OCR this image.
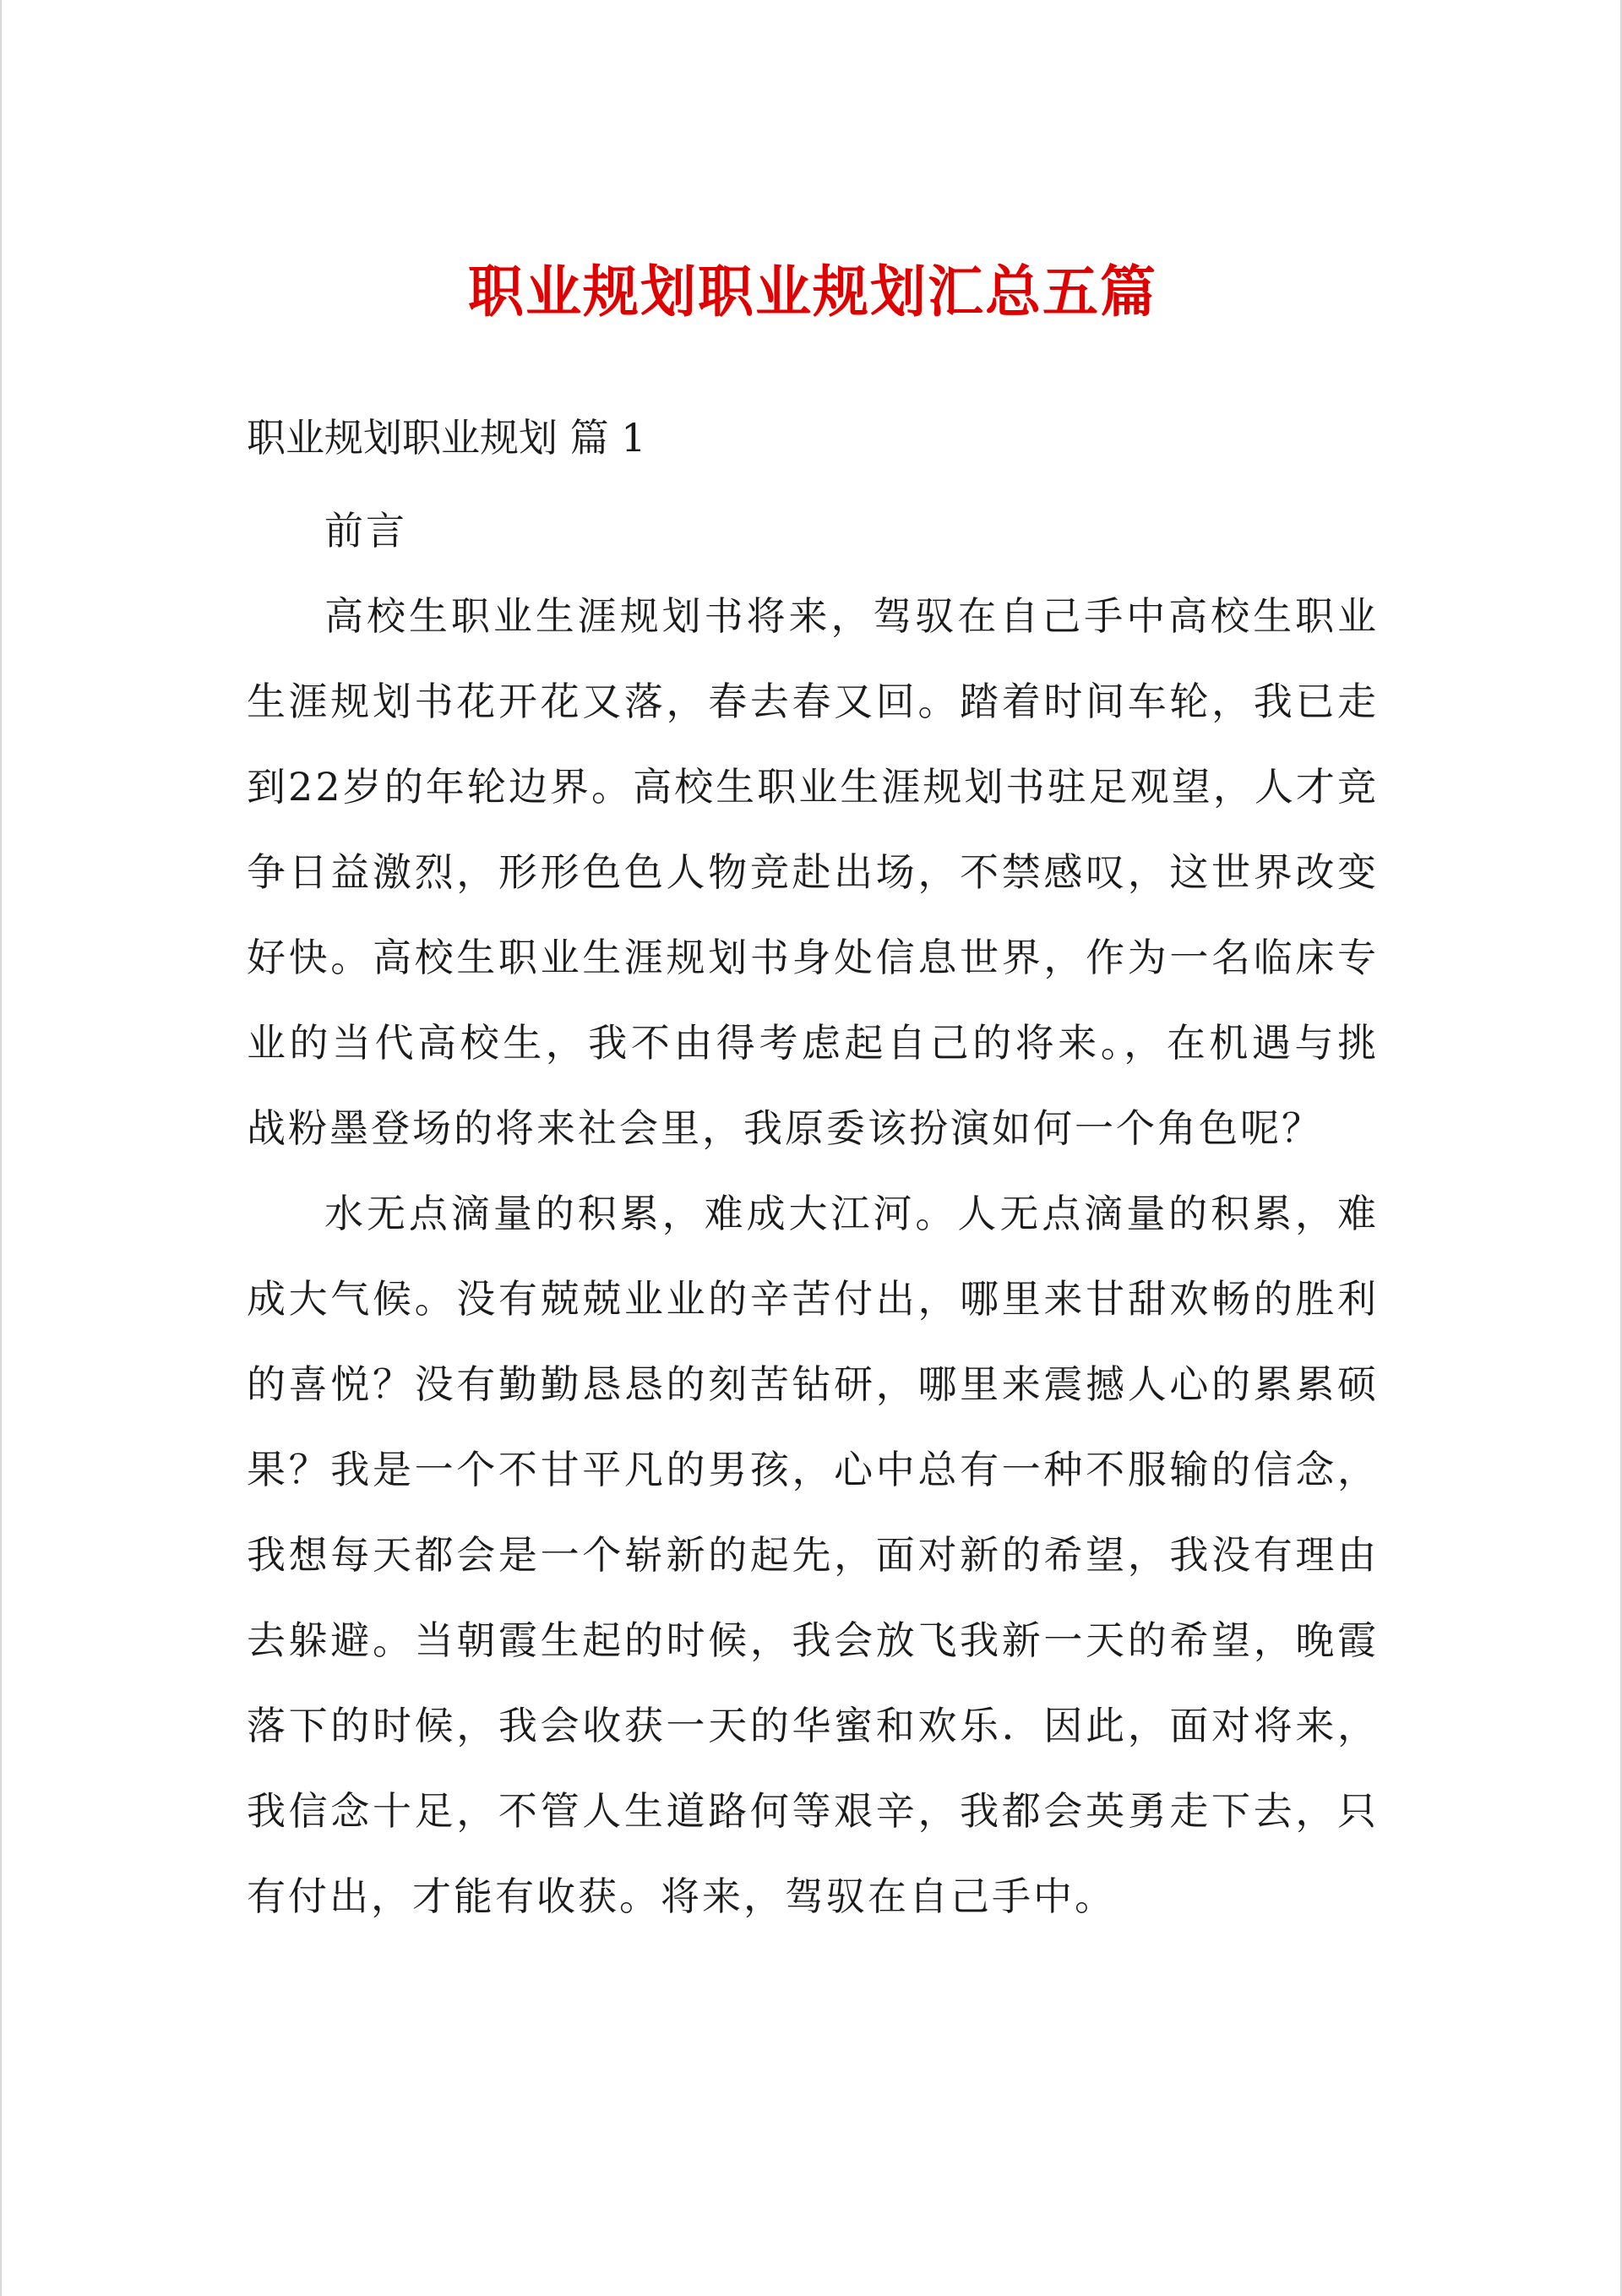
职业规划职业规划汇总五篇
职业规划职业规划 篇 1

前言

高校生职业生涯规划书将来，驾驭在自己手中高校生职业生涯规划书花开花又落，春去春又回。踏着时间车轮，我已走到22岁的年轮边界。高校生职业生涯规划书驻足观望，人才竞争日益激烈，形形色色人物竞赴出场，不禁感叹，这世界改变好快。高校生职业生涯规划书身处信息世界，作为一名临床专业的当代高校生，我不由得考虑起自己的将来。，在机遇与挑战粉墨登场的将来社会里，我原委该扮演如何一个角色呢？

水无点滴量的积累，难成大江河。人无点滴量的积累，难成大气候。没有兢兢业业的辛苦付出，哪里来甘甜欢畅的胜利的喜悦？没有勤勤恳恳的刻苦钻研，哪里来震撼人心的累累硕果？我是一个不甘平凡的男孩，心中总有一种不服输的信念，我想每天都会是一个崭新的起先，面对新的希望，我没有理由去躲避。当朝霞生起的时候，我会放飞我新一天的希望，晚霞落下的时候，我会收获一天的华蜜和欢乐．因此，面对将来，我信念十足，不管人生道路何等艰辛，我都会英勇走下去，只有付出，才能有收获。将来，驾驭在自己手中。
